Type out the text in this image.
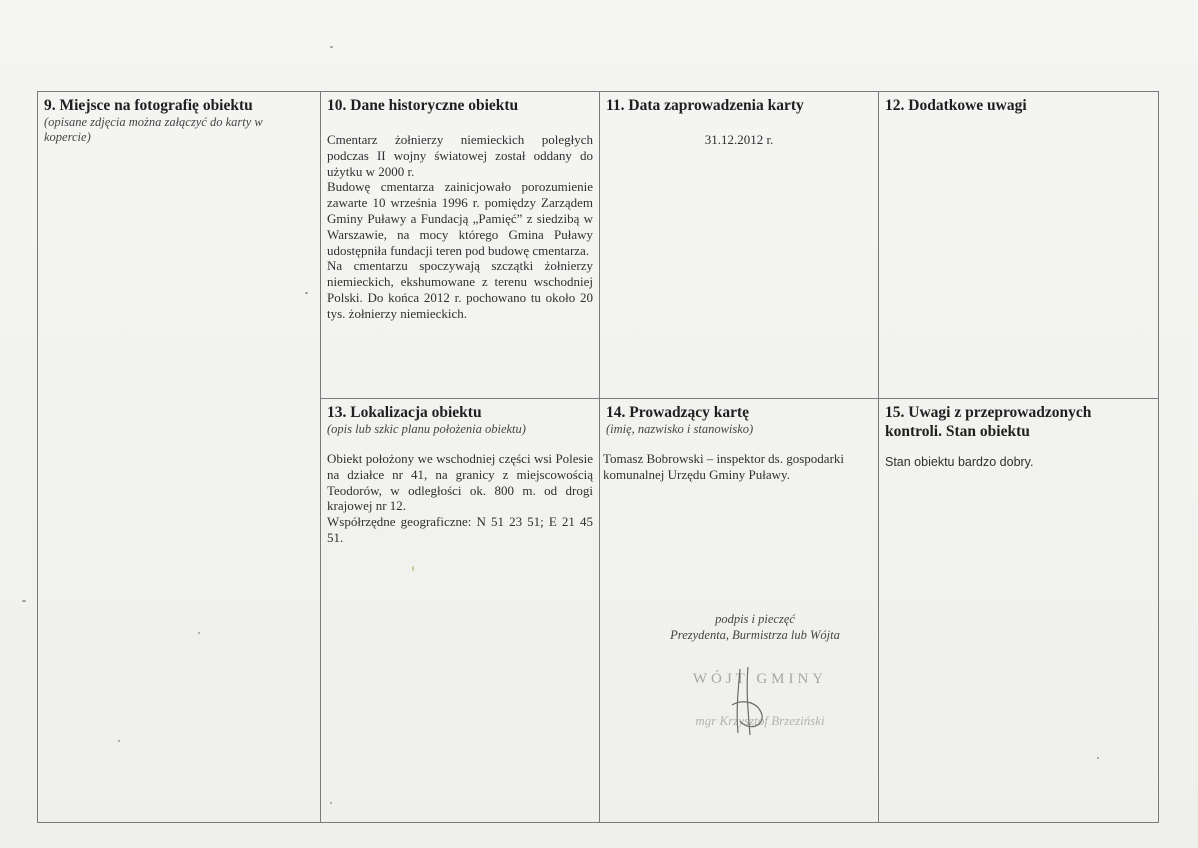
9. Miejsce na fotografię obiektu
(opisane zdjęcia można załączyć do karty w kopercie)
10. Dane historyczne obiektu

Cmentarz żołnierzy niemieckich poległych podczas II wojny światowej został oddany do użytku w 2000 r.

Budowę cmentarza zainicjowało porozumienie zawarte 10 września 1996 r. pomiędzy Zarządem Gminy Puławy a Fundacją „Pamięć” z siedzibą w Warszawie, na mocy którego Gmina Puławy udostępniła fundacji teren pod budowę cmentarza.

Na cmentarzu spoczywają szczątki żołnierzy niemieckich, ekshumowane z terenu wschodniej Polski. Do końca 2012 r. pochowano tu około 20 tys. żołnierzy niemieckich.

11. Data zaprowadzenia karty
31.12.2012 r.
12. Dodatkowe uwagi
13. Lokalizacja obiektu
(opis lub szkic planu położenia obiektu)

Obiekt położony we wschodniej części wsi Polesie na działce nr 41, na granicy z miejscowością Teodorów, w odległości ok. 800 m. od drogi krajowej nr 12.

Współrzędne geograficzne: N 51 23 51; E 21 45 51.

14. Prowadzący kartę
(imię, nazwisko i stanowisko)
Tomasz Bobrowski – inspektor ds. gospodarki komunalnej Urzędu Gminy Puławy.
podpis i pieczęć
Prezydenta, Burmistrza lub Wójta
WÓJT GMINY
mgr Krzysztof Brzeziński
15. Uwagi z przeprowadzonych kontroli. Stan obiektu
Stan obiektu bardzo dobry.
